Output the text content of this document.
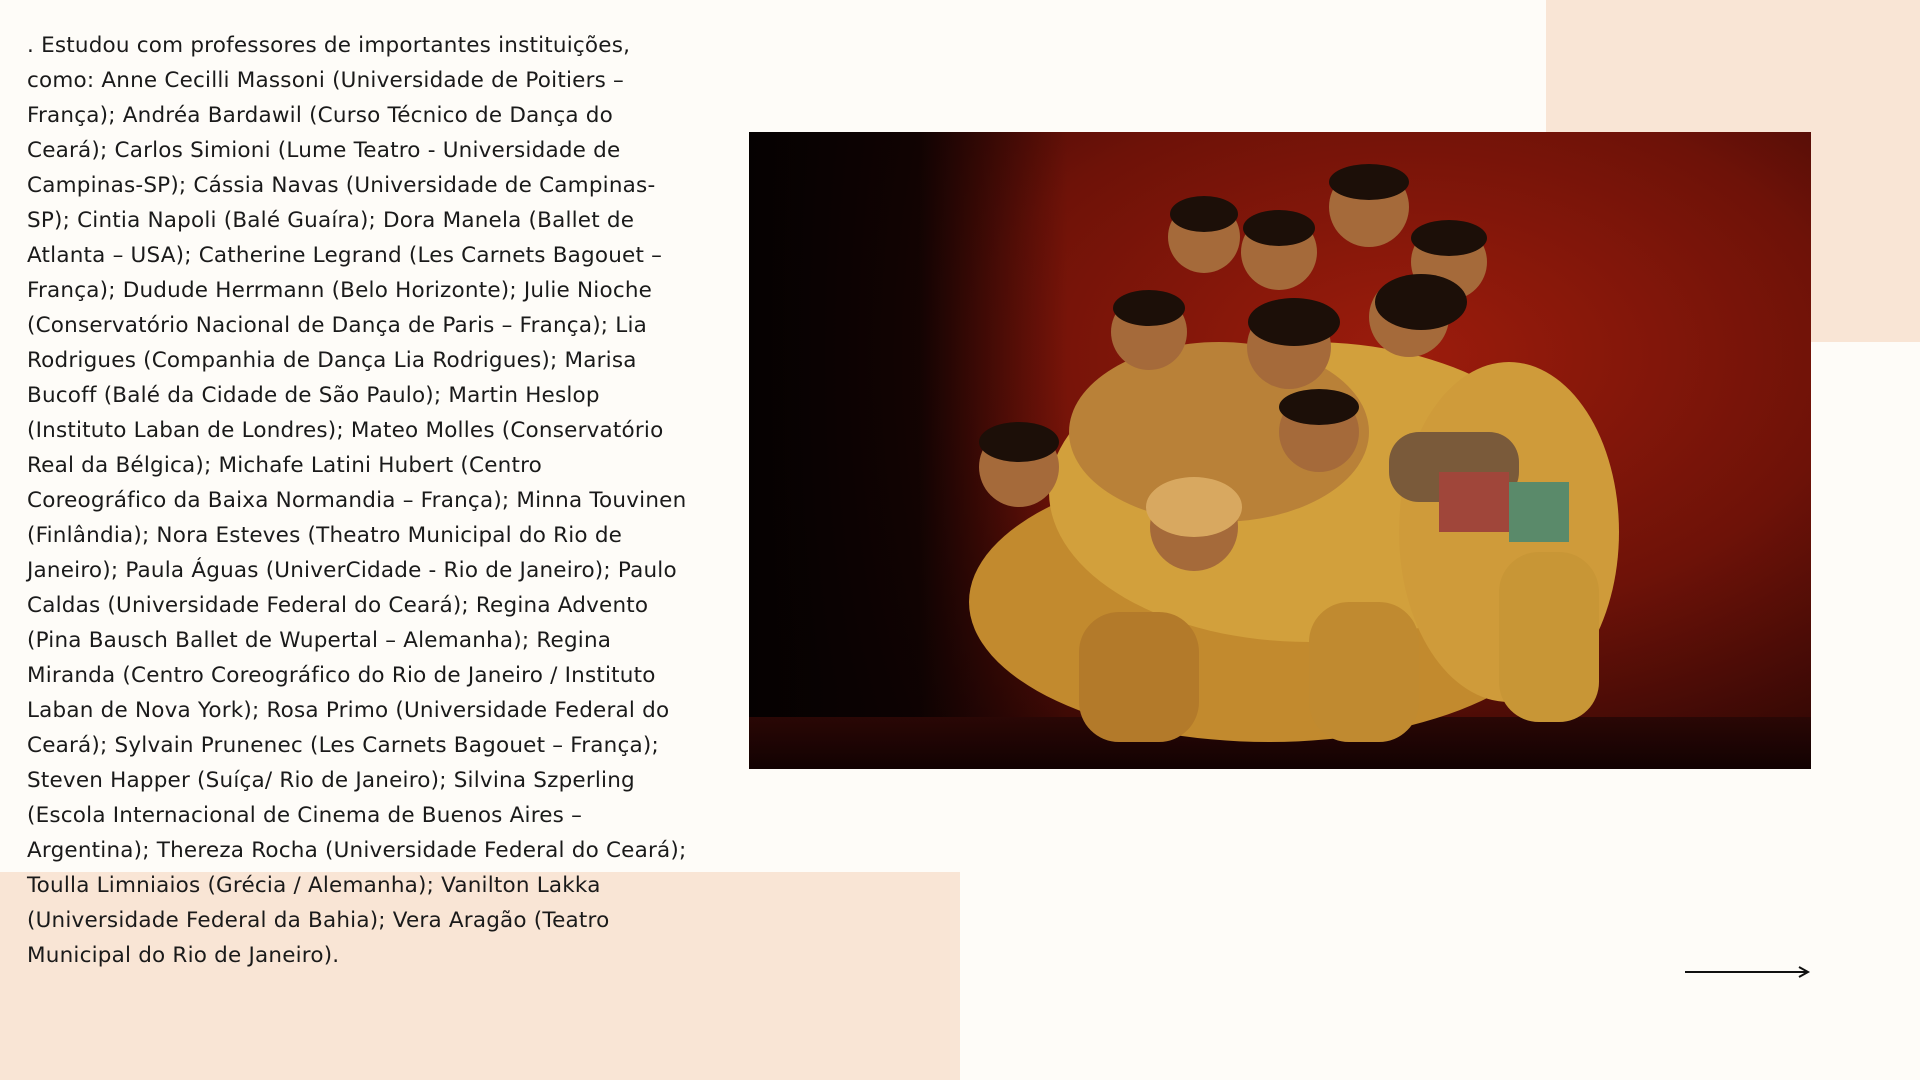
. Estudou com professores de importantes instituições, como: Anne Cecilli Massoni (Universidade de Poitiers – França); Andréa Bardawil (Curso Técnico de Dança do Ceará); Carlos Simioni (Lume Teatro - Universidade de Campinas-SP); Cássia Navas (Universidade de Campinas-SP); Cintia Napoli (Balé Guaíra); Dora Manela (Ballet de Atlanta – USA); Catherine Legrand (Les Carnets Bagouet – França); Dudude Herrmann (Belo Horizonte); Julie Nioche (Conservatório Nacional de Dança de Paris – França); Lia Rodrigues (Companhia de Dança Lia Rodrigues); Marisa Bucoff (Balé da Cidade de São Paulo); Martin Heslop (Instituto Laban de Londres); Mateo Molles (Conservatório Real da Bélgica); Michafe Latini Hubert (Centro Coreográfico da Baixa Normandia – França); Minna Touvinen (Finlândia); Nora Esteves (Theatro Municipal do Rio de Janeiro); Paula Águas (UniverCidade - Rio de Janeiro); Paulo Caldas (Universidade Federal do Ceará); Regina Advento (Pina Bausch Ballet de Wupertal – Alemanha); Regina Miranda (Centro Coreográfico do Rio de Janeiro / Instituto Laban de Nova York); Rosa Primo (Universidade Federal do Ceará); Sylvain Prunenec (Les Carnets Bagouet – França); Steven Happer (Suíça/ Rio de Janeiro); Silvina Szperling (Escola Internacional de Cinema de Buenos Aires – Argentina); Thereza Rocha (Universidade Federal do Ceará); Toulla Limniaios (Grécia / Alemanha); Vanilton Lakka (Universidade Federal da Bahia); Vera Aragão (Teatro Municipal do Rio de Janeiro).
